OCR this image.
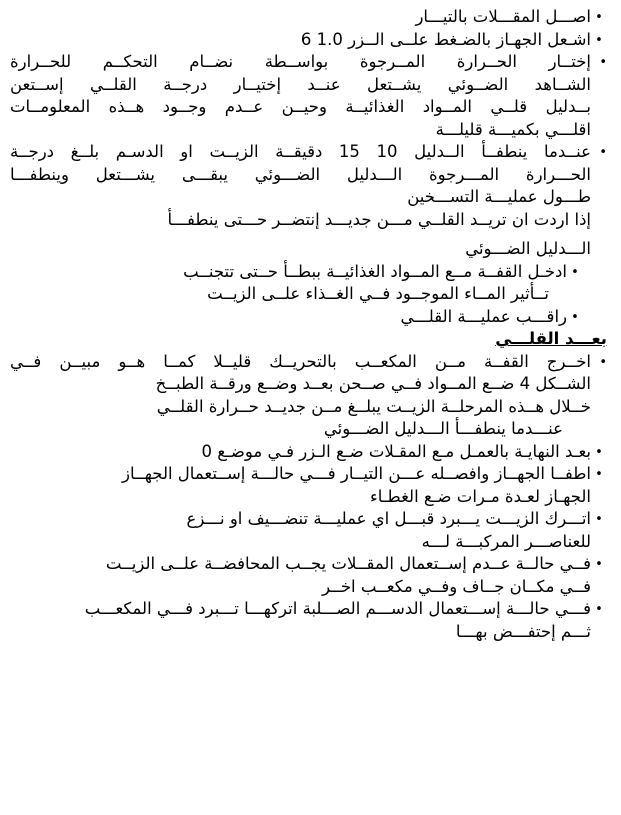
• اصـــل المقـــلات بالتيـــار
• اشـعل الجهـاز بالضـغط علــى الــزر 1.0 6
• إختــار الحــرارة المــرجوة بواســطة نضــام التحكــم للحــرارة
الشــاهد الضــوئي يشــتعل عنــد إختيــار درجــة القلــي إســتعن
بــدليل قلــي المــواد الغذائيــة وحيــن عــدم وجــود هــذه المعلومــات
اقلـــي بكميـــة قليلـــة
• عنــدما ينطفــأ الــدليل 10 15 دقيقــة الزيــت او الدسـم بلــغ درجــة
الحـــرارة المـــرجوة الـــدليل الضـــوئي يبقـــى يشـــتعل وينطفـــا
طـــول عمليـــة التســـخين
إذا اردت ان تريــد القلــي مـــن جديـــد إنتضــر حـــتى ينطفـــأ
الـــدليل الضـــوئي
• ادخـل القفــة مــع المــواد الغذائيــة ببطــأ حــتى تتجنــب
تــأثير المــاء الموجــود فــي الغــذاء علــى الزيــت
• راقـــب عمليـــة القلـــي
بعـــد القلـــي
• اخــرج القفــة مــن المكعــب بالتحريــك قليــلا كمــا هــو مبيــن فــي
الشــكل 4 ضــع المــواد فــي صــحن بعــد وضــع ورقــة الطبــخ
خــلال هــذه المرحلــة الزيــت يبلــغ مــن جديــد حــرارة القلــي
عنـــدما ينطفـــأ الـــدليل الضـــوئي
• بعـد النهايـة بالعمـل مـع المقـلات ضـع الـزر فـي موضـع 0
• اطفــا الجهــاز وافصــله عـــن التيــار فـــي حالـــة إســتعمال الجهــاز
الجهـاز لعـدة مـرات ضـع الغطـاء
• اتـــرك الزيـــت يـــبرد قبـــل اي عمليـــة تنضـــيف او نـــزع
للعناصـــر المركبـــة لـــه
• فــي حالــة عــدم إســتعمال المقــلات يجــب المحافضــة علــى الزيــت
فــي مكــان جــاف وفــي مكعــب اخــر
• فـــي حالـــة إســـتعمال الدســـم الصـــلبة اتركهـــا تـــبرد فـــي المكعـــب
ثـــم إحتفـــض بهـــا
